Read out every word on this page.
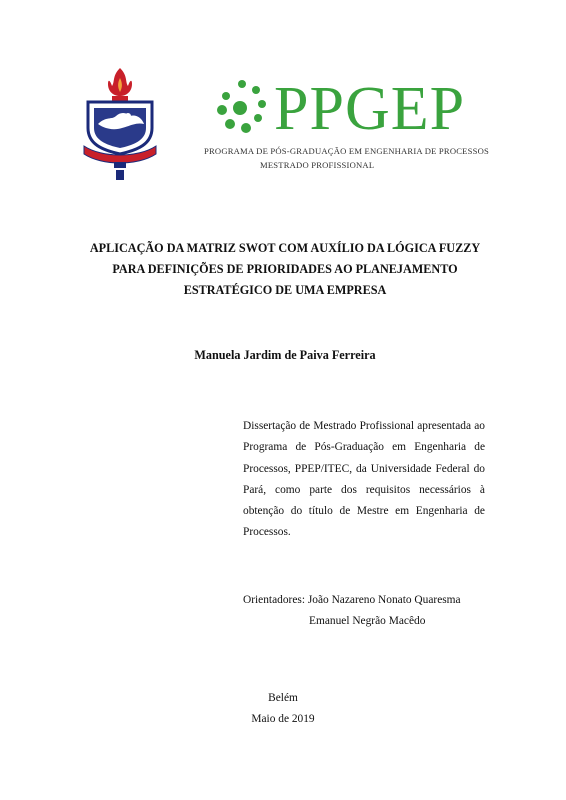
PPGEP
PROGRAMA DE PÓS-GRADUAÇÃO EM ENGENHARIA DE PROCESSOS
MESTRADO PROFISSIONAL
APLICAÇÃO DA MATRIZ SWOT COM AUXÍLIO DA LÓGICA FUZZY
PARA DEFINIÇÕES DE PRIORIDADES AO PLANEJAMENTO
ESTRATÉGICO DE UMA EMPRESA
Manuela Jardim de Paiva Ferreira
Dissertação de Mestrado Profissional apresentada ao Programa de Pós-Graduação em Engenharia de Processos, PPEP/ITEC, da Universidade Federal do Pará, como parte dos requisitos necessários à obtenção do título de Mestre em Engenharia de Processos.
Orientadores: João Nazareno Nonato Quaresma
Emanuel Negrão Macêdo
Belém
Maio de 2019
